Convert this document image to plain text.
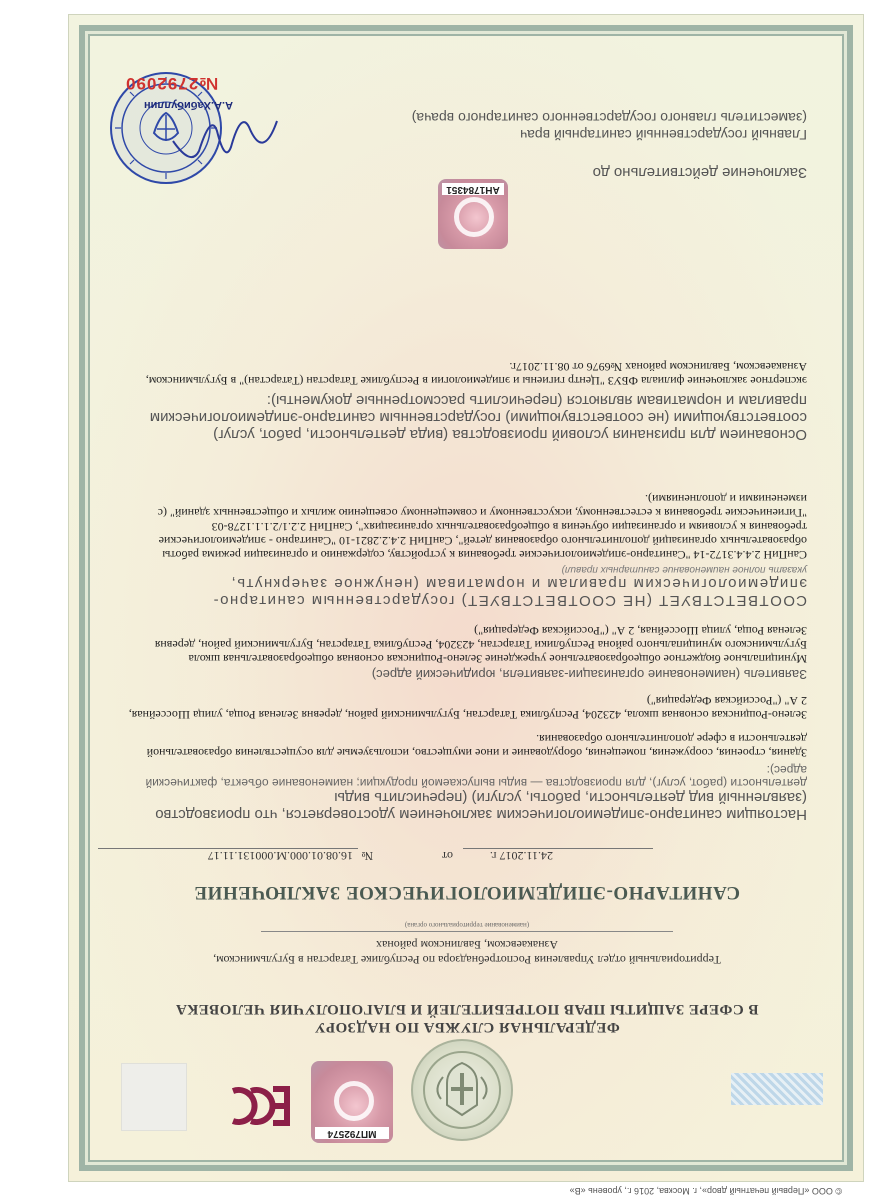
© ООО «Первый печатный двор», г. Москва, 2016 г., уровень «В»
МП792574
ФЕДЕРАЛЬНАЯ СЛУЖБА ПО НАДЗОРУ
В СФЕРЕ ЗАЩИТЫ ПРАВ ПОТРЕБИТЕЛЕЙ И БЛАГОПОЛУЧИЯ ЧЕЛОВЕКА
Территориальный отдел Управления Роспотребнадзора по Республике Татарстан в Бугульминском,
Азнакаевском, Бавлинском районах
(наименование территориального органа)
САНИТАРНО-ЭПИДЕМИОЛОГИЧЕСКОЕ ЗАКЛЮЧЕНИЕ
№
16.08.01.000.М.000131.11.17	от	24.11.2017 г.
Настоящим санитарно-эпидемиологическим заключением удостоверяется, что производство (заявленный вид деятельности, работы, услуги) (перечислить виды
деятельности (работ, услуг), для производства — виды выпускаемой продукции; наименование объекта, фактический адрес):
Здания, строения, сооружения, помещения, оборудование и иное имущество, используемые для осуществления образовательной деятельности в сфере дополнительного образования.
Зелено-Рощинская основная школа, 423204, Республика Татарстан, Бугульминский район, деревня Зеленая Роща, улица Шоссейная, 2 А" ("Российская Федерация")
Заявитель (наименование организации-заявителя, юридический адрес)
Муниципальное бюджетное общеобразовательное учреждение Зелено-Рощинская основная общеобразовательная школа Бугульминского муниципального района Республики Татарстан, 423204, Республика Татарстан, Бугульминский район, деревня Зеленая Роща, улица Шоссейная, 2 А" ("Российская Федерация")
СООТВЕТСТВУЕТ (НЕ СООТВЕТСТВУЕТ) государственным санитарно-
эпидемиологическим правилам и нормативам (ненужное зачеркнуть,
указать полное наименование санитарных правил)
СанПиН 2.4.4.3172-14 "Санитарно-эпидемиологические требования к устройству, содержанию и организации режима работы образовательных организаций дополнительного образования детей", СанПиН 2.4.2.2821-10 "Санитарно - эпидемиологические требования к условиям и организации обучения в общеобразовательных организациях", СанПиН 2.2.1/2.1.1.1278-03 "Гигиенические требования к естественному, искусственному и совмещенному освещению жилых и общественных зданий" (с изменениями и дополнениями).
Основанием для признания условий производства (вида деятельности, работ, услуг) соответствующими (не соответствующими) государственным санитарно-эпидемиологическим правилам и нормативам являются (перечислить рассмотренные документы):
экспертное заключение филиала ФБУЗ "Центр гигиены и эпидемиологии в Республике Татарстан (Татарстан)" в Бугульминском, Азнакаевском, Бавлинском районах №6976 от 08.11.2017г.
АН1784351
Заключение действительно до
Главный государственный санитарный врач
(заместитель главного государственного санитарного врача)
А.А.Хабибуллин
№2792090
